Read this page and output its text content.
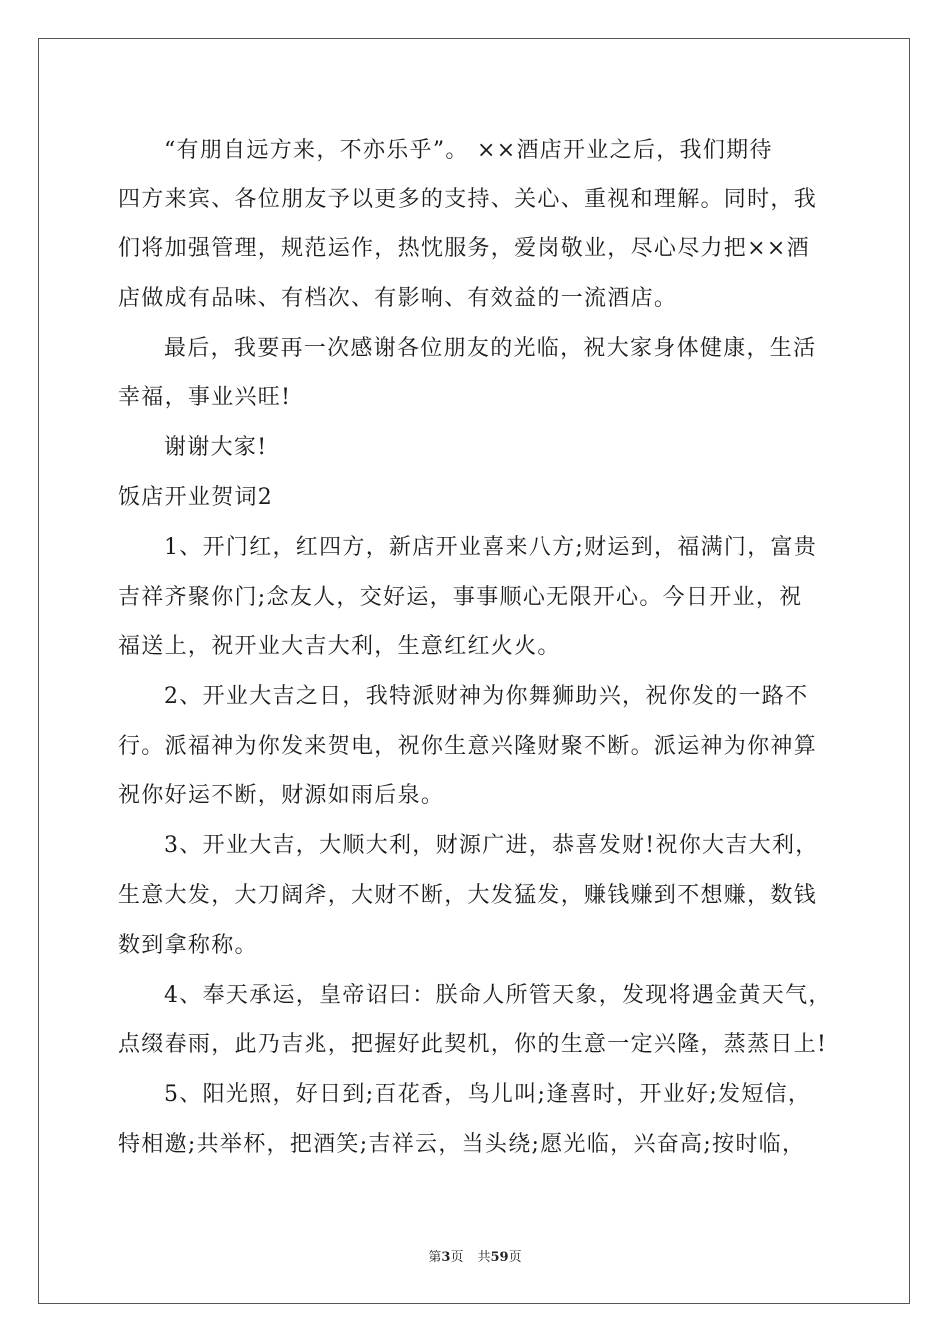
“有朋自远方来，不亦乐乎”。 ××酒店开业之后，我们期待
四方来宾、各位朋友予以更多的支持、关心、重视和理解。同时，我
们将加强管理，规范运作，热忱服务，爱岗敬业，尽心尽力把××酒
店做成有品味、有档次、有影响、有效益的一流酒店。
最后，我要再一次感谢各位朋友的光临，祝大家身体健康，生活
幸福，事业兴旺!
谢谢大家!
饭店开业贺词2
1、开门红，红四方，新店开业喜来八方;财运到，福满门，富贵
吉祥齐聚你门;念友人，交好运，事事顺心无限开心。今日开业，祝
福送上，祝开业大吉大利，生意红红火火。
2、开业大吉之日，我特派财神为你舞狮助兴，祝你发的一路不
行。派福神为你发来贺电，祝你生意兴隆财聚不断。派运神为你神算
祝你好运不断，财源如雨后泉。
3、开业大吉，大顺大利，财源广进，恭喜发财!祝你大吉大利，
生意大发，大刀阔斧，大财不断，大发猛发，赚钱赚到不想赚，数钱
数到拿称称。
4、奉天承运，皇帝诏曰：朕命人所管天象，发现将遇金黄天气，
点缀春雨，此乃吉兆，把握好此契机，你的生意一定兴隆，蒸蒸日上!
5、阳光照，好日到;百花香，鸟儿叫;逢喜时，开业好;发短信，
特相邀;共举杯，把酒笑;吉祥云，当头绕;愿光临，兴奋高;按时临，
第3页 共59页
